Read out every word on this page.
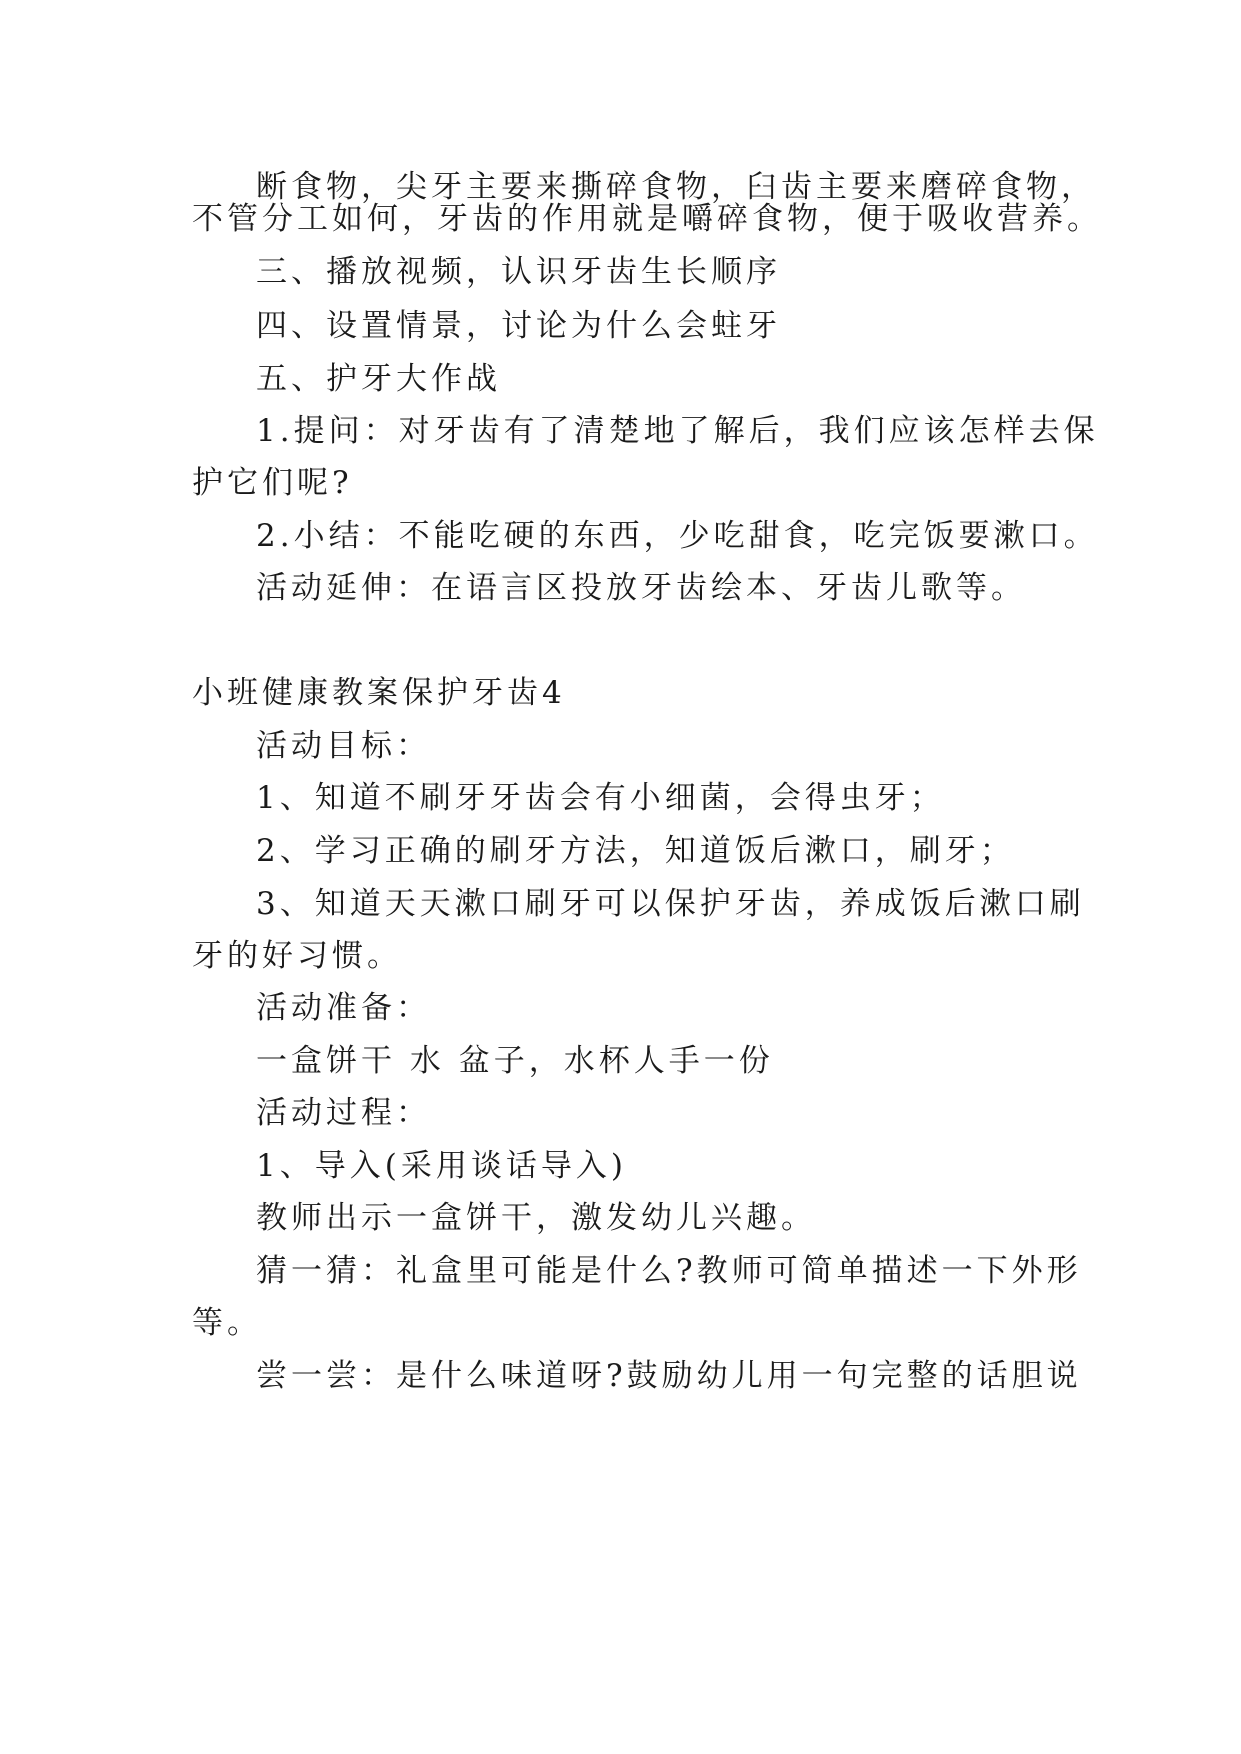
断食物，尖牙主要来撕碎食物，臼齿主要来磨碎食物，
不管分工如何，牙齿的作用就是嚼碎食物，便于吸收营养。
三、播放视频，认识牙齿生长顺序
四、设置情景，讨论为什么会蛀牙
五、护牙大作战
1.提问：对牙齿有了清楚地了解后，我们应该怎样去保
护它们呢?
2.小结：不能吃硬的东西，少吃甜食，吃完饭要漱口。
活动延伸：在语言区投放牙齿绘本、牙齿儿歌等。
小班健康教案保护牙齿4
活动目标：
1、知道不刷牙牙齿会有小细菌，会得虫牙；
2、学习正确的刷牙方法，知道饭后漱口，刷牙；
3、知道天天漱口刷牙可以保护牙齿，养成饭后漱口刷
牙的好习惯。
活动准备：
一盒饼干 水 盆子，水杯人手一份
活动过程：
1、导入(采用谈话导入)
教师出示一盒饼干，激发幼儿兴趣。
猜一猜：礼盒里可能是什么?教师可简单描述一下外形
等。
尝一尝：是什么味道呀?鼓励幼儿用一句完整的话胆说
